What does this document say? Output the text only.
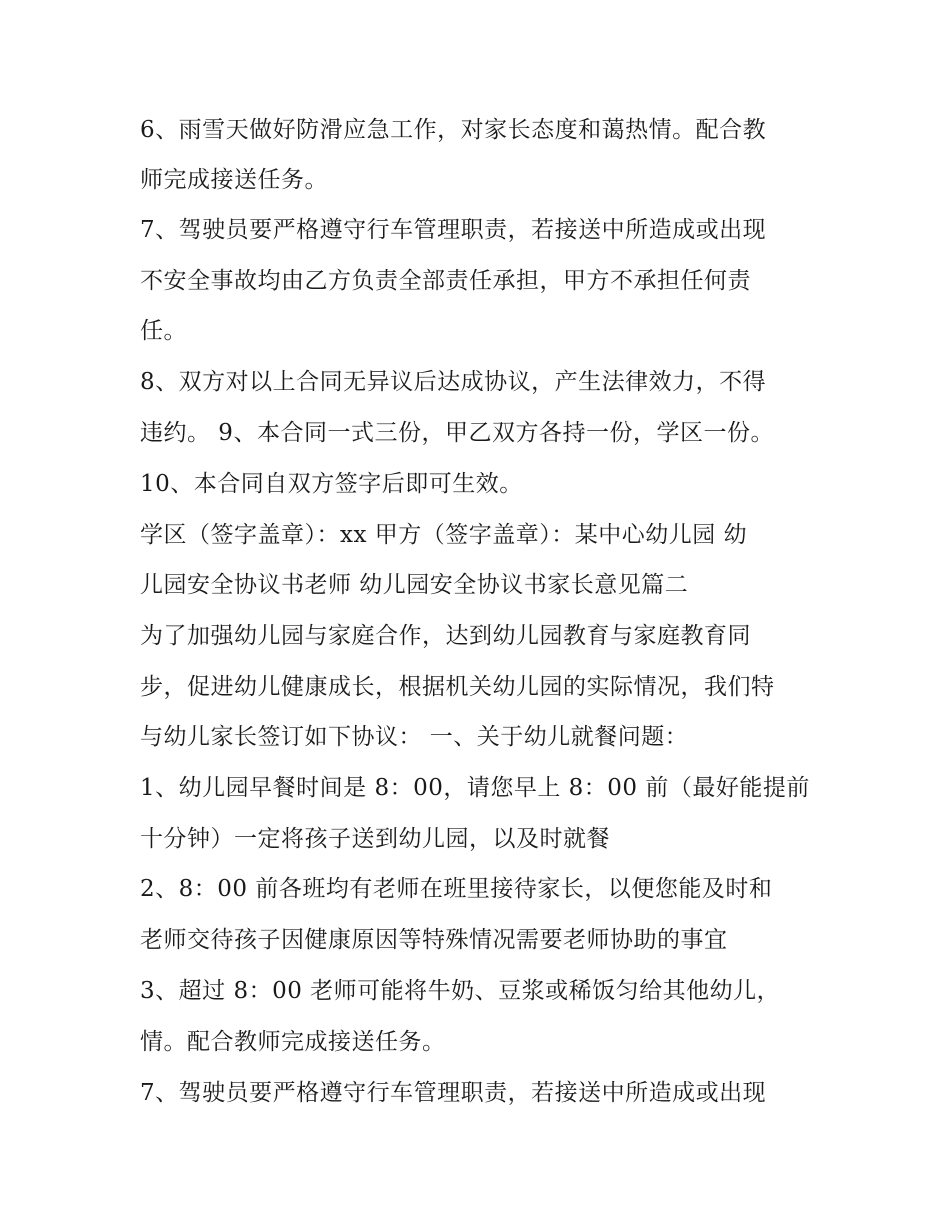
6、雨雪天做好防滑应急工作，对家长态度和蔼热情。配合教
师完成接送任务。
7、驾驶员要严格遵守行车管理职责，若接送中所造成或出现
不安全事故均由乙方负责全部责任承担，甲方不承担任何责
任。
8、双方对以上合同无异议后达成协议，产生法律效力，不得
违约。 9、本合同一式三份，甲乙双方各持一份，学区一份。
10、本合同自双方签字后即可生效。
学区（签字盖章）：xx 甲方（签字盖章）：某中心幼儿园 幼
儿园安全协议书老师 幼儿园安全协议书家长意见篇二
为了加强幼儿园与家庭合作，达到幼儿园教育与家庭教育同
步，促进幼儿健康成长，根据机关幼儿园的实际情况，我们特
与幼儿家长签订如下协议： 一、关于幼儿就餐问题：
1、幼儿园早餐时间是 8：00，请您早上 8：00 前（最好能提前
十分钟）一定将孩子送到幼儿园，以及时就餐
2、8：00 前各班均有老师在班里接待家长，以便您能及时和
老师交待孩子因健康原因等特殊情况需要老师协助的事宜
3、超过 8：00 老师可能将牛奶、豆浆或稀饭匀给其他幼儿，
情。配合教师完成接送任务。
7、驾驶员要严格遵守行车管理职责，若接送中所造成或出现
